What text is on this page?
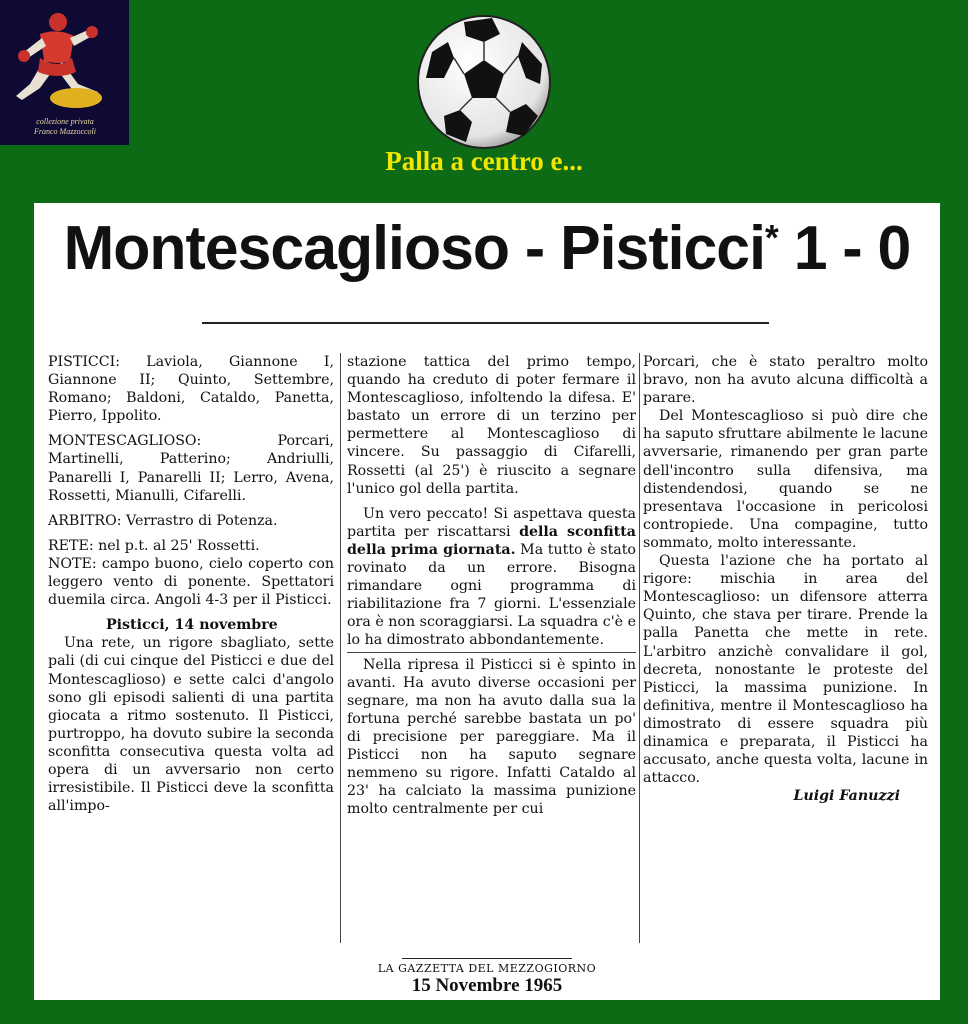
collezione privata
Franco Mazzoccoli
Palla a centro e...
Montescaglioso - Pisticci* 1 - 0

PISTICCI: Laviola, Giannone I, Giannone II; Quinto, Settembre, Romano; Baldoni, Cataldo, Panetta, Pierro, Ippolito.

MONTESCAGLIOSO: Porcari, Martinelli, Patterino; Andriulli, Panarelli I, Panarelli II; Lerro, Avena, Rossetti, Mianulli, Cifarelli.

ARBITRO: Verrastro di Potenza.

RETE: nel p.t. al 25' Rossetti.

NOTE: campo buono, cielo coperto con leggero vento di ponente. Spettatori duemila circa. Angoli 4-3 per il Pisticci.

Pisticci, 14 novembre

Una rete, un rigore sbagliato, sette pali (di cui cinque del Pisticci e due del Montescaglioso) e sette calci d'angolo sono gli episodi salienti di una partita giocata a ritmo sostenuto. Il Pisticci, purtroppo, ha dovuto subire la seconda sconfitta consecutiva questa volta ad opera di un avversario non certo irresistibile. Il Pisticci deve la sconfitta all'impo-

stazione tattica del primo tempo, quando ha creduto di poter fermare il Montescaglioso, infoltendo la difesa. E' bastato un errore di un terzino per permettere al Montescaglioso di vincere. Su passaggio di Cifarelli, Rossetti (al 25') è riuscito a segnare l'unico gol della partita.

Un vero peccato! Si aspettava questa partita per riscattarsi della sconfitta della prima giornata. Ma tutto è stato rovinato da un errore. Bisogna rimandare ogni programma di riabilitazione fra 7 giorni. L'essenziale ora è non scoraggiarsi. La squadra c'è e lo ha dimostrato abbondantemente.

Nella ripresa il Pisticci si è spinto in avanti. Ha avuto diverse occasioni per segnare, ma non ha avuto dalla sua la fortuna perché sarebbe bastata un po' di precisione per pareggiare. Ma il Pisticci non ha saputo segnare nemmeno su rigore. Infatti Cataldo al 23' ha calciato la massima punizione molto centralmente per cui

Porcari, che è stato peraltro molto bravo, non ha avuto alcuna difficoltà a parare.

Del Montescaglioso si può dire che ha saputo sfruttare abilmente le lacune avversarie, rimanendo per gran parte dell'incontro sulla difensiva, ma distendendosi, quando se ne presentava l'occasione in pericolosi contropiede. Una compagine, tutto sommato, molto interessante.

Questa l'azione che ha portato al rigore: mischia in area del Montescaglioso: un difensore atterra Quinto, che stava per tirare. Prende la palla Panetta che mette in rete. L'arbitro anzichè convalidare il gol, decreta, nonostante le proteste del Pisticci, la massima punizione. In definitiva, mentre il Montescaglioso ha dimostrato di essere squadra più dinamica e preparata, il Pisticci ha accusato, anche questa volta, lacune in attacco.

Luigi Fanuzzi

LA GAZZETTA DEL MEZZOGIORNO
15 Novembre 1965
